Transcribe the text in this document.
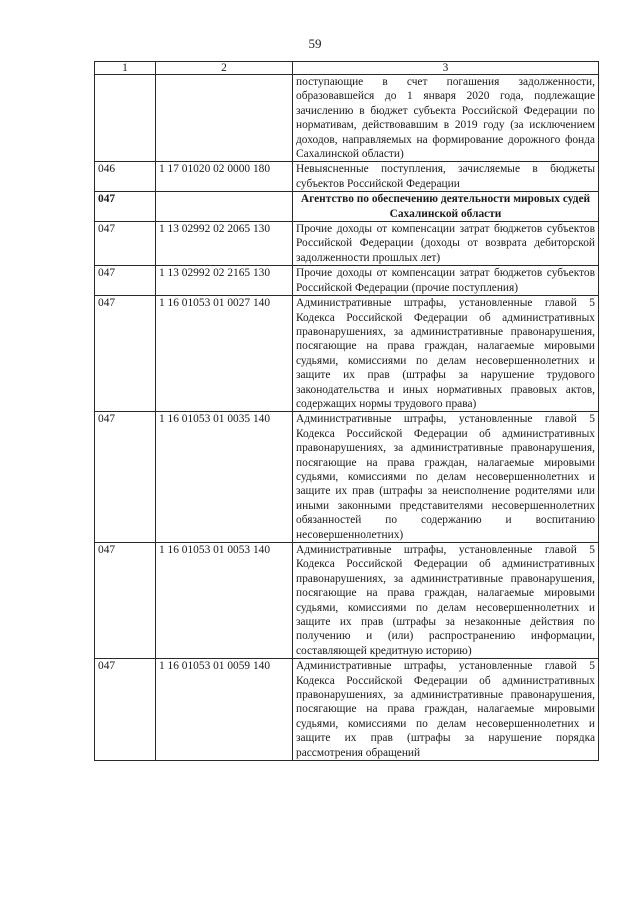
59
1	2	3
		поступающие в счет погашения задолженности, образовавшейся до 1 января 2020 года, подлежащие зачислению в бюджет субъекта Российской Федерации по нормативам, действовавшим в 2019 году (за исключением доходов, направляемых на формирование дорожного фонда Сахалинской области)
046	1 17 01020 02 0000 180	Невыясненные поступления, зачисляемые в бюджеты субъектов Российской Федерации
047		Агентство по обеспечению деятельности мировых судей Сахалинской области
047	1 13 02992 02 2065 130	Прочие доходы от компенсации затрат бюджетов субъектов Российской Федерации (доходы от возврата дебиторской задолженности прошлых лет)
047	1 13 02992 02 2165 130	Прочие доходы от компенсации затрат бюджетов субъектов Российской Федерации (прочие поступления)
047	1 16 01053 01 0027 140	Административные штрафы, установленные главой 5 Кодекса Российской Федерации об административных правонарушениях, за административные правонарушения, посягающие на права граждан, налагаемые мировыми судьями, комиссиями по делам несовершеннолетних и защите их прав (штрафы за нарушение трудового законодательства и иных нормативных правовых актов, содержащих нормы трудового права)
047	1 16 01053 01 0035 140	Административные штрафы, установленные главой 5 Кодекса Российской Федерации об административных правонарушениях, за административные правонарушения, посягающие на права граждан, налагаемые мировыми судьями, комиссиями по делам несовершеннолетних и защите их прав (штрафы за неисполнение родителями или иными законными представителями несовершеннолетних обязанностей по содержанию и воспитанию несовершеннолетних)
047	1 16 01053 01 0053 140	Административные штрафы, установленные главой 5 Кодекса Российской Федерации об административных правонарушениях, за административные правонарушения, посягающие на права граждан, налагаемые мировыми судьями, комиссиями по делам несовершеннолетних и защите их прав (штрафы за незаконные действия по получению и (или) распространению информации, составляющей кредитную историю)
047	1 16 01053 01 0059 140	Административные штрафы, установленные главой 5 Кодекса Российской Федерации об административных правонарушениях, за административные правонарушения, посягающие на права граждан, налагаемые мировыми судьями, комиссиями по делам несовершеннолетних и защите их прав (штрафы за нарушение порядка рассмотрения обращений
